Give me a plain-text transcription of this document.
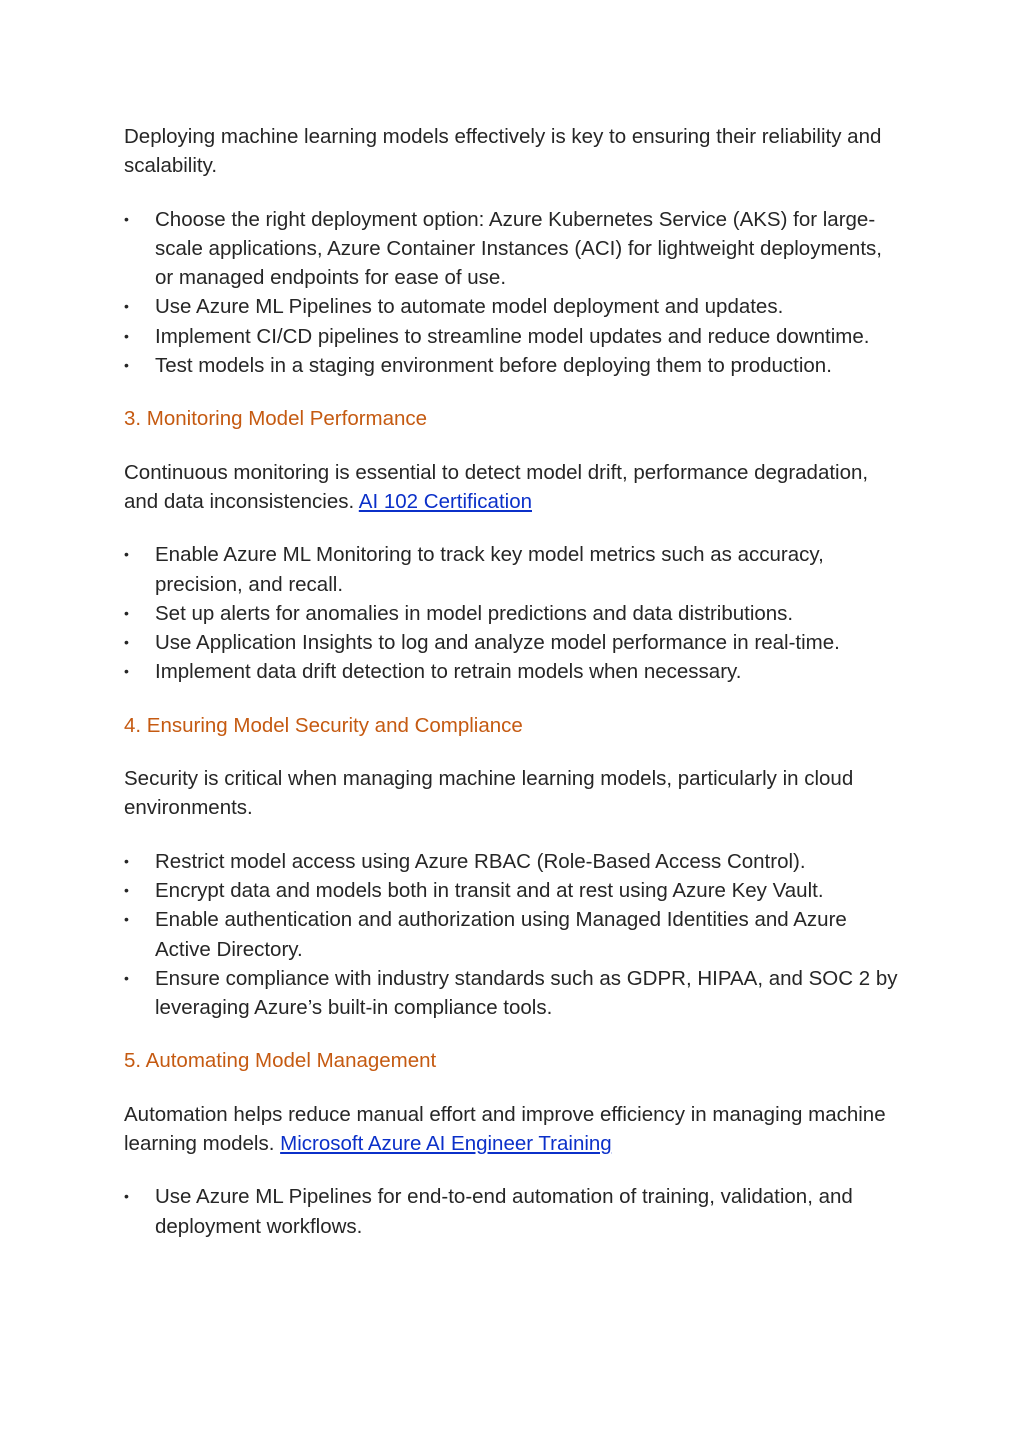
Deploying machine learning models effectively is key to ensuring their reliability and scalability.

• Choose the right deployment option: Azure Kubernetes Service (AKS) for large-scale applications, Azure Container Instances (ACI) for lightweight deployments, or managed endpoints for ease of use.
• Use Azure ML Pipelines to automate model deployment and updates.
• Implement CI/CD pipelines to streamline model updates and reduce downtime.
• Test models in a staging environment before deploying them to production.
3. Monitoring Model Performance

Continuous monitoring is essential to detect model drift, performance degradation, and data inconsistencies. AI 102 Certification

• Enable Azure ML Monitoring to track key model metrics such as accuracy, precision, and recall.
• Set up alerts for anomalies in model predictions and data distributions.
• Use Application Insights to log and analyze model performance in real-time.
• Implement data drift detection to retrain models when necessary.
4. Ensuring Model Security and Compliance

Security is critical when managing machine learning models, particularly in cloud environments.

• Restrict model access using Azure RBAC (Role-Based Access Control).
• Encrypt data and models both in transit and at rest using Azure Key Vault.
• Enable authentication and authorization using Managed Identities and Azure Active Directory.
• Ensure compliance with industry standards such as GDPR, HIPAA, and SOC 2 by leveraging Azure’s built-in compliance tools.
5. Automating Model Management

Automation helps reduce manual effort and improve efficiency in managing machine learning models. Microsoft Azure AI Engineer Training

• Use Azure ML Pipelines for end-to-end automation of training, validation, and deployment workflows.
